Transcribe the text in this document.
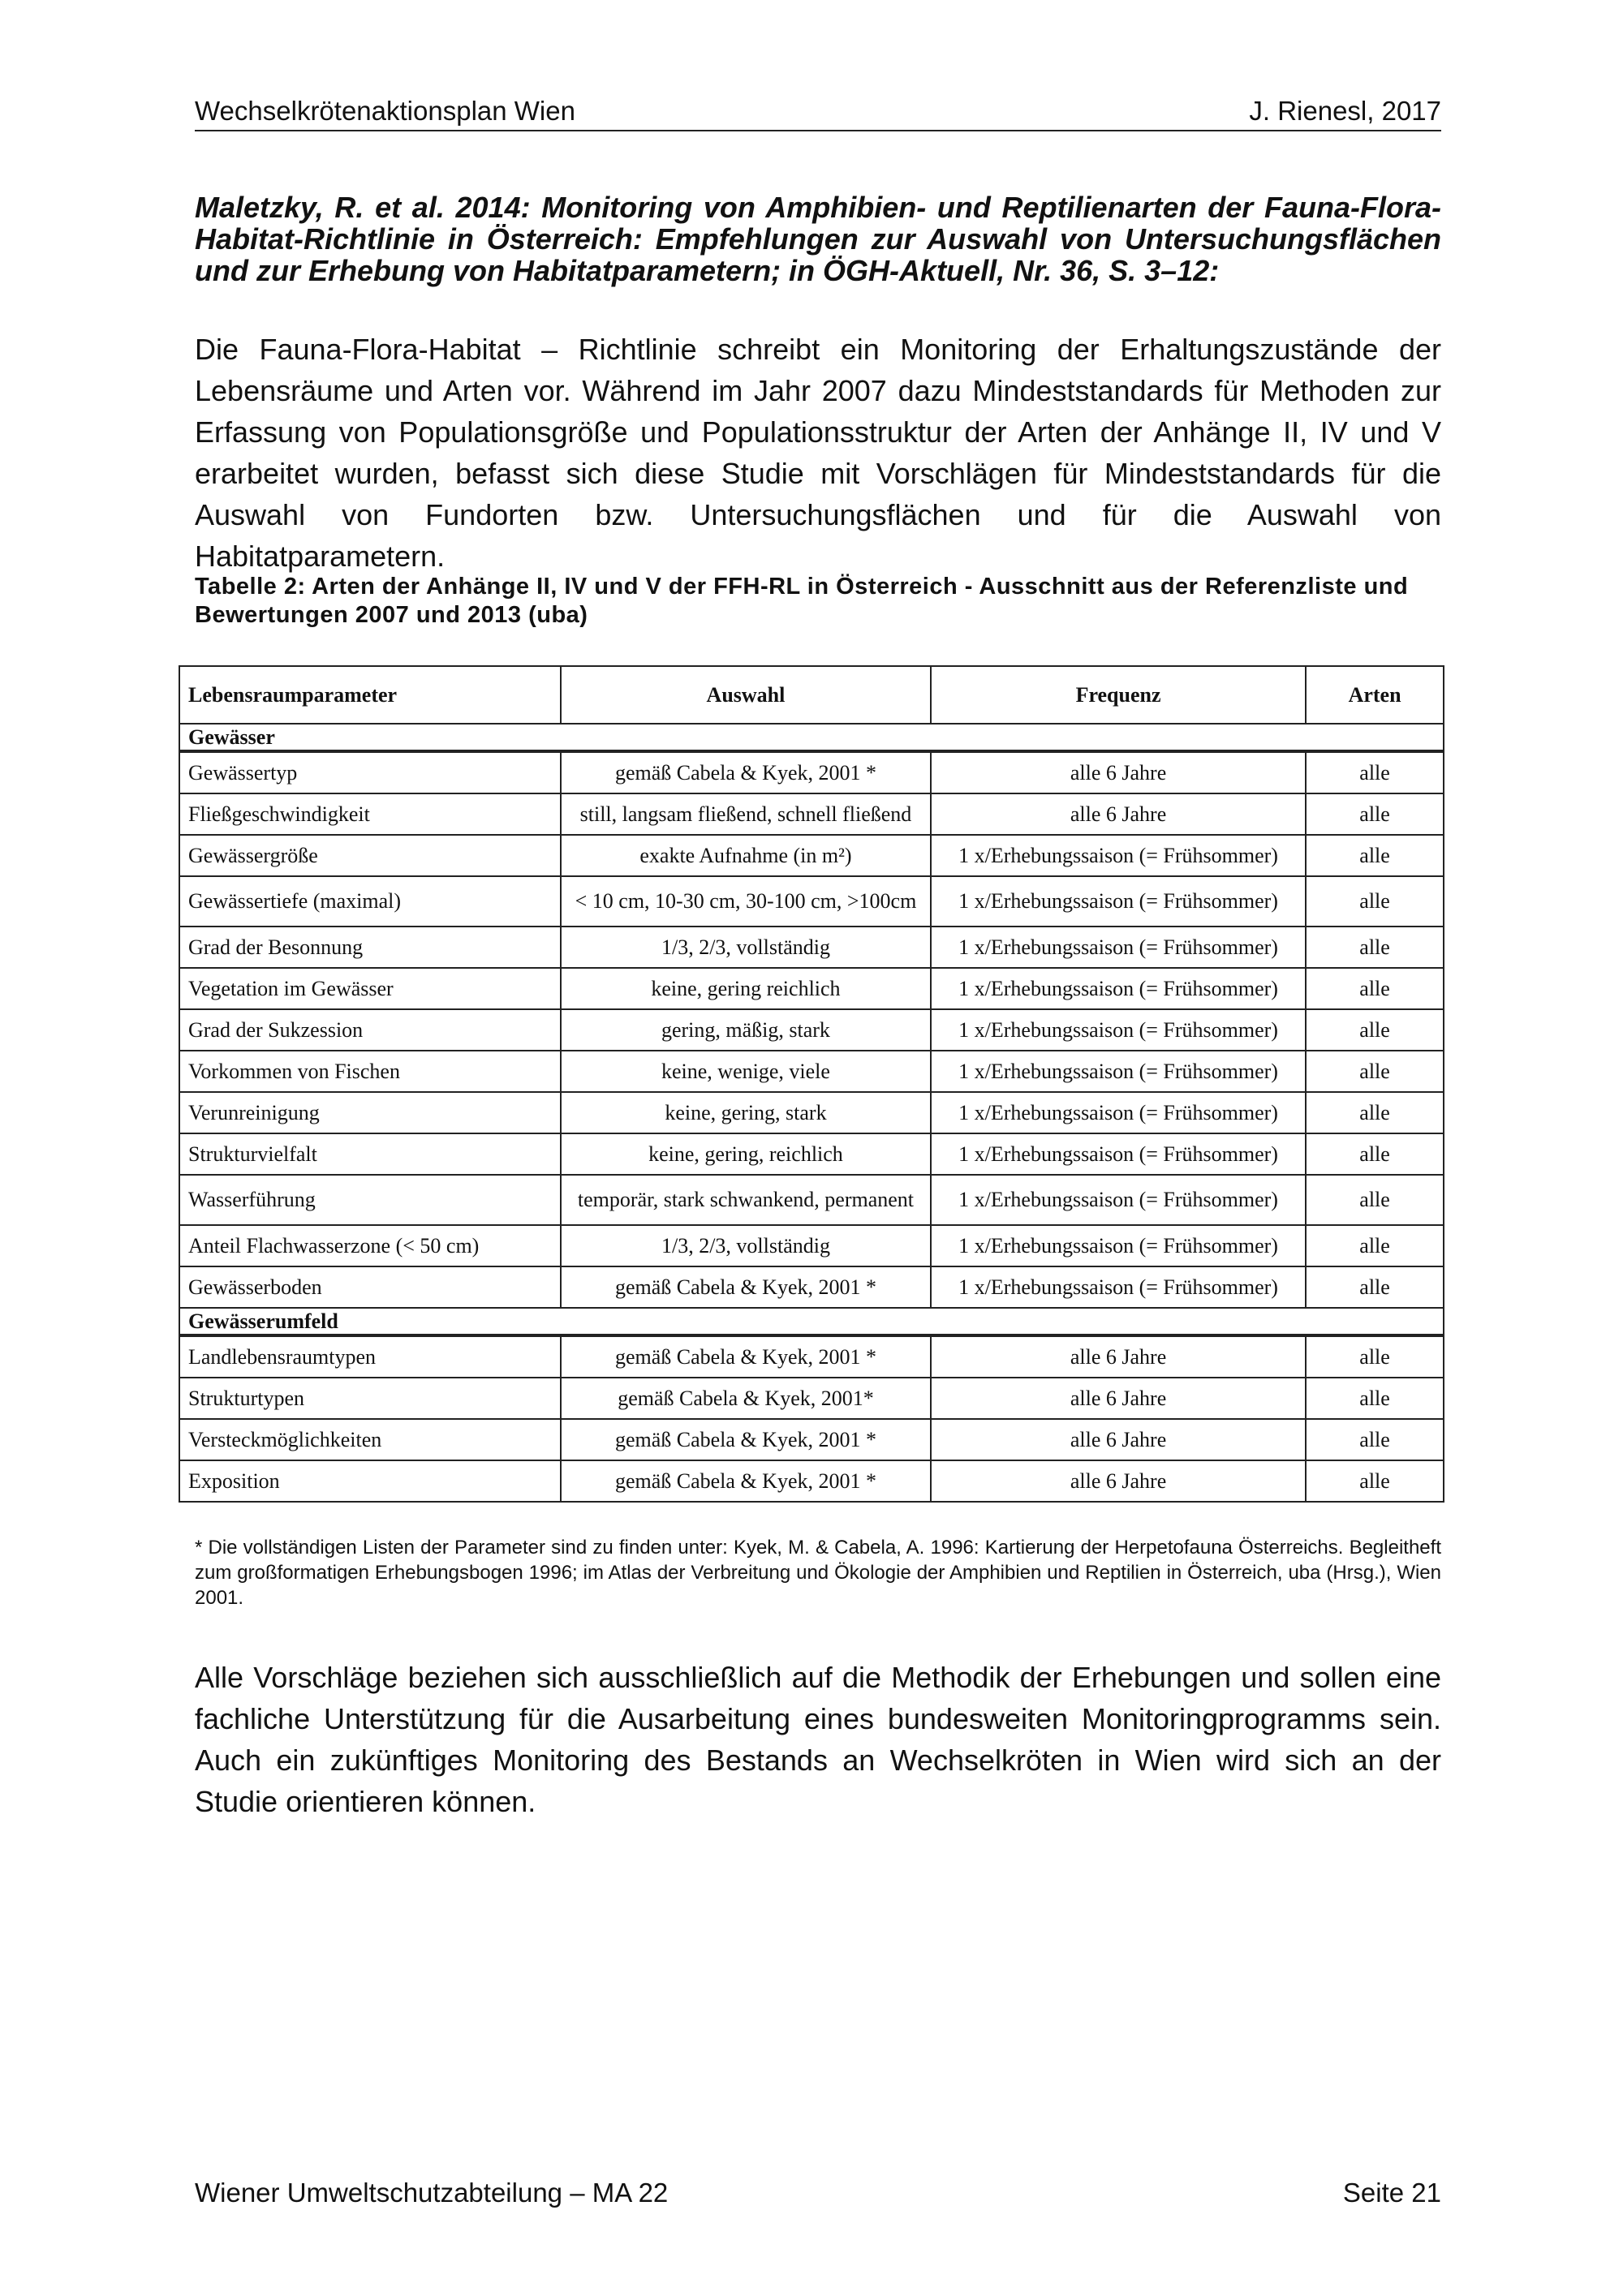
Wechselkrötenaktionsplan Wien	J. Rienesl, 2017
Maletzky, R. et al. 2014: Monitoring von Amphibien- und Reptilienarten der Fauna-Flora-Habitat-Richtlinie in Österreich: Empfehlungen zur Auswahl von Untersuchungsflächen und zur Erhebung von Habitatparametern; in ÖGH-Aktuell, Nr. 36, S. 3–12:
Die Fauna-Flora-Habitat – Richtlinie schreibt ein Monitoring der Erhaltungszustände der Lebensräume und Arten vor. Während im Jahr 2007 dazu Mindeststandards für Methoden zur Erfassung von Populationsgröße und Populationsstruktur der Arten der Anhänge II, IV und V erarbeitet wurden, befasst sich diese Studie mit Vorschlägen für Mindeststandards für die Auswahl von Fundorten bzw. Untersuchungsflächen und für die Auswahl von Habitatparametern.
Tabelle 2: Arten der Anhänge II, IV und V der FFH-RL in Österreich - Ausschnitt aus der Referenzliste und Bewertungen 2007 und 2013 (uba)
Lebensraumparameter	Auswahl	Frequenz	Arten
Gewässer			
Gewässertyp	gemäß Cabela & Kyek, 2001 *	alle 6 Jahre	alle
Fließgeschwindigkeit	still, langsam fließend, schnell fließend	alle 6 Jahre	alle
Gewässergröße	exakte Aufnahme (in m²)	1 x/Erhebungssaison (= Frühsommer)	alle
Gewässertiefe (maximal)	< 10 cm, 10-30 cm, 30-100 cm, >100cm	1 x/Erhebungssaison (= Frühsommer)	alle
Grad der Besonnung	1/3, 2/3, vollständig	1 x/Erhebungssaison (= Frühsommer)	alle
Vegetation im Gewässer	keine, gering reichlich	1 x/Erhebungssaison (= Frühsommer)	alle
Grad der Sukzession	gering, mäßig, stark	1 x/Erhebungssaison (= Frühsommer)	alle
Vorkommen von Fischen	keine, wenige, viele	1 x/Erhebungssaison (= Frühsommer)	alle
Verunreinigung	keine, gering, stark	1 x/Erhebungssaison (= Frühsommer)	alle
Strukturvielfalt	keine, gering, reichlich	1 x/Erhebungssaison (= Frühsommer)	alle
Wasserführung	temporär, stark schwankend, permanent	1 x/Erhebungssaison (= Frühsommer)	alle
Anteil Flachwasserzone (< 50 cm)	1/3, 2/3, vollständig	1 x/Erhebungssaison (= Frühsommer)	alle
Gewässerboden	gemäß Cabela & Kyek, 2001 *	1 x/Erhebungssaison (= Frühsommer)	alle
Gewässerumfeld			
Landlebensraumtypen	gemäß Cabela & Kyek, 2001 *	alle 6 Jahre	alle
Strukturtypen	gemäß Cabela & Kyek, 2001*	alle 6 Jahre	alle
Versteckmöglichkeiten	gemäß Cabela & Kyek, 2001 *	alle 6 Jahre	alle
Exposition	gemäß Cabela & Kyek, 2001 *	alle 6 Jahre	alle
* Die vollständigen Listen der Parameter sind zu finden unter: Kyek, M. & Cabela, A. 1996: Kartierung der Herpetofauna Österreichs. Begleitheft zum großformatigen Erhebungsbogen 1996; im Atlas der Verbreitung und Ökologie der Amphibien und Reptilien in Österreich, uba (Hrsg.), Wien 2001.
Alle Vorschläge beziehen sich ausschließlich auf die Methodik der Erhebungen und sollen eine fachliche Unterstützung für die Ausarbeitung eines bundesweiten Monitoringprogramms sein. Auch ein zukünftiges Monitoring des Bestands an Wechselkröten in Wien wird sich an der Studie orientieren können.
Wiener Umweltschutzabteilung – MA 22	Seite 21
